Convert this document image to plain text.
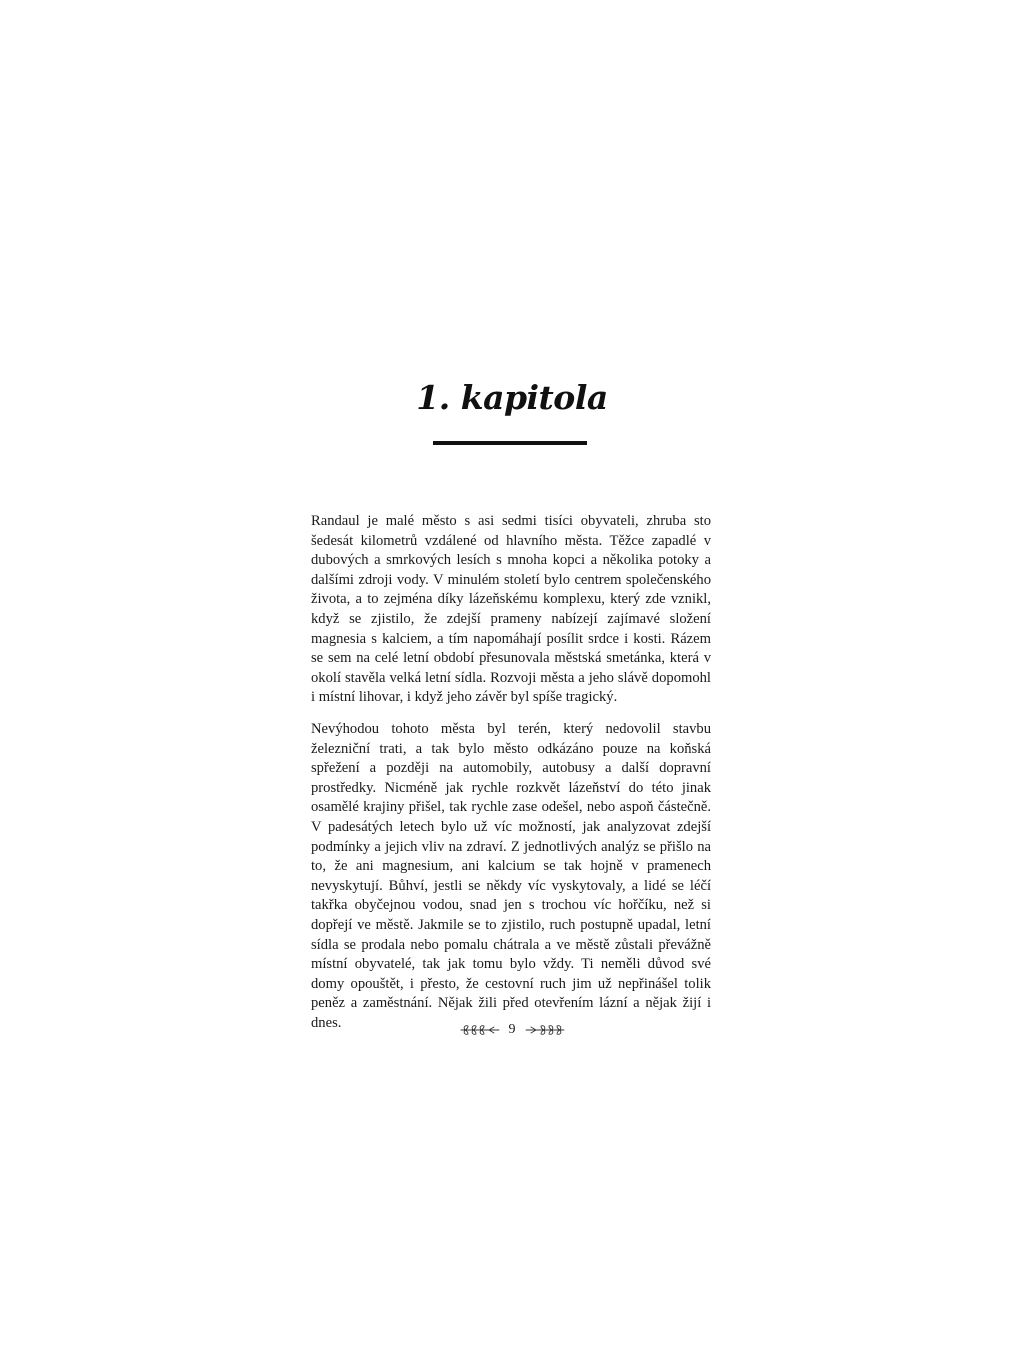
1. kapitola

Randaul je malé město s asi sedmi tisíci obyvateli, zhruba sto šedesát kilometrů vzdálené od hlavního města. Těžce zapadlé v dubových a smrkových lesích s mnoha kopci a několika potoky a dalšími zdroji vody. V minulém století bylo centrem společenského života, a to zejména díky lázeňskému komplexu, který zde vznikl, když se zjistilo, že zdejší prameny nabízejí zajímavé složení magnesia s kalciem, a tím napomáhají posílit srdce i kosti. Rázem se sem na celé letní období přesunovala městská smetánka, která v okolí stavěla velká letní sídla. Rozvoji města a jeho slávě dopomohl i místní lihovar, i když jeho závěr byl spíše tragický.

Nevýhodou tohoto města byl terén, který nedovolil stavbu železniční trati, a tak bylo město odkázáno pouze na koňská spřežení a později na automobily, autobusy a další dopravní prostředky. Nicméně jak rychle rozkvět lázeňství do této jinak osamělé krajiny přišel, tak rychle zase odešel, nebo aspoň částečně. V padesátých letech bylo už víc možností, jak analyzovat zdejší podmínky a jejich vliv na zdraví. Z jednotlivých analýz se přišlo na to, že ani magnesium, ani kalcium se tak hojně v pramenech nevyskytují. Bůhví, jestli se někdy víc vyskytovaly, a lidé se léčí takřka obyčejnou vodou, snad jen s trochou víc hořčíku, než si dopřejí ve městě. Jakmile se to zjistilo, ruch postupně upadal, letní sídla se prodala nebo pomalu chátrala a ve městě zůstali převážně místní obyvatelé, tak jak tomu bylo vždy. Ti neměli důvod své domy opouštět, i přesto, že cestovní ruch jim už nepřinášel tolik peněz a zaměstnání. Nějak žili před otevřením lázní a nějak žijí i dnes.	9
